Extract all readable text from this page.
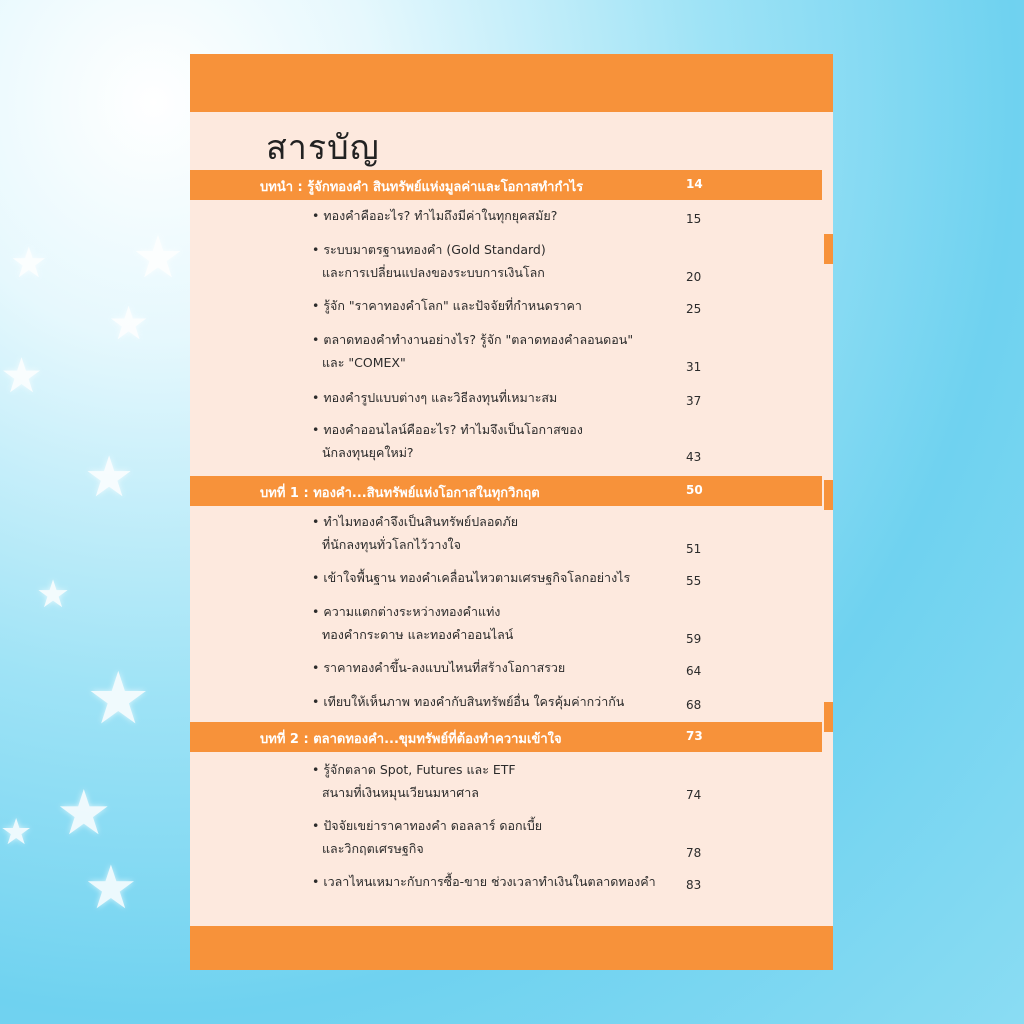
★ ★
★
★
★
★
★
★
★
★
สารบัญ
บทนำ : รู้จักทองคำ สินทรัพย์แห่งมูลค่าและโอกาสทำกำไร	14
• ทองคำคืออะไร? ทำไมถึงมีค่าในทุกยุคสมัย?	15
• ระบบมาตรฐานทองคำ (Gold Standard)
และการเปลี่ยนแปลงของระบบการเงินโลก	20
• รู้จัก "ราคาทองคำโลก" และปัจจัยที่กำหนดราคา	25
• ตลาดทองคำทำงานอย่างไร? รู้จัก "ตลาดทองคำลอนดอน"
และ "COMEX"	31
• ทองคำรูปแบบต่างๆ และวิธีลงทุนที่เหมาะสม	37
• ทองคำออนไลน์คืออะไร? ทำไมจึงเป็นโอกาสของ
นักลงทุนยุคใหม่?	43
บทที่ 1 : ทองคำ...สินทรัพย์แห่งโอกาสในทุกวิกฤต	50
• ทำไมทองคำจึงเป็นสินทรัพย์ปลอดภัย
ที่นักลงทุนทั่วโลกไว้วางใจ	51
• เข้าใจพื้นฐาน ทองคำเคลื่อนไหวตามเศรษฐกิจโลกอย่างไร	55
• ความแตกต่างระหว่างทองคำแท่ง
ทองคำกระดาษ และทองคำออนไลน์	59
• ราคาทองคำขึ้น-ลงแบบไหนที่สร้างโอกาสรวย	64
• เทียบให้เห็นภาพ ทองคำกับสินทรัพย์อื่น ใครคุ้มค่ากว่ากัน	68
บทที่ 2 : ตลาดทองคำ...ขุมทรัพย์ที่ต้องทำความเข้าใจ	73
• รู้จักตลาด Spot, Futures และ ETF
สนามที่เงินหมุนเวียนมหาศาล	74
• ปัจจัยเขย่าราคาทองคำ ดอลลาร์ ดอกเบี้ย
และวิกฤตเศรษฐกิจ	78
• เวลาไหนเหมาะกับการซื้อ-ขาย ช่วงเวลาทำเงินในตลาดทองคำ	83
